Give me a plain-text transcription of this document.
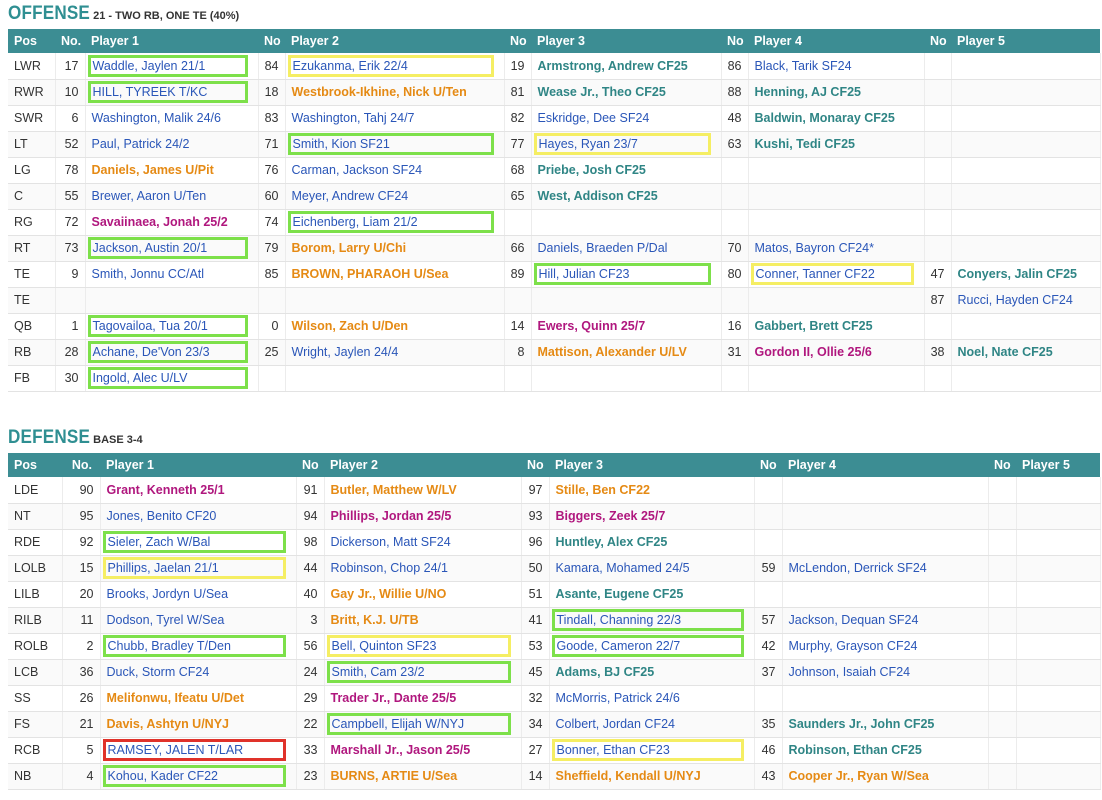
OFFENSE 21 - TWO RB, ONE TE (40%)
Pos	No.	Player 1	No	Player 2	No	Player 3	No	Player 4	No	Player 5
LWR	17	Waddle, Jaylen 21/1	84	Ezukanma, Erik 22/4	19	Armstrong, Andrew CF25	86	Black, Tarik SF24		
RWR	10	HILL, TYREEK T/KC	18	Westbrook-Ikhine, Nick U/Ten	81	Wease Jr., Theo CF25	88	Henning, AJ CF25		
SWR	6	Washington, Malik 24/6	83	Washington, Tahj 24/7	82	Eskridge, Dee SF24	48	Baldwin, Monaray CF25		
LT	52	Paul, Patrick 24/2	71	Smith, Kion SF21	77	Hayes, Ryan 23/7	63	Kushi, Tedi CF25		
LG	78	Daniels, James U/Pit	76	Carman, Jackson SF24	68	Priebe, Josh CF25				
C	55	Brewer, Aaron U/Ten	60	Meyer, Andrew CF24	65	West, Addison CF25				
RG	72	Savaiinaea, Jonah 25/2	74	Eichenberg, Liam 21/2						

RT	73	Jackson, Austin 20/1	79	Borom, Larry U/Chi	66	Daniels, Braeden P/Dal	70	Matos, Bayron CF24*		
TE	9	Smith, Jonnu CC/Atl	85	BROWN, PHARAOH U/Sea	89	Hill, Julian CF23	80	Conner, Tanner CF22	47	Conyers, Jalin CF25
TE									87	Rucci, Hayden CF24
QB	1	Tagovailoa, Tua 20/1	0	Wilson, Zach U/Den	14	Ewers, Quinn 25/7	16	Gabbert, Brett CF25		
RB	28	Achane, De'Von 23/3	25	Wright, Jaylen 24/4	8	Mattison, Alexander U/LV	31	Gordon II, Ollie 25/6	38	Noel, Nate CF25
FB	30	Ingold, Alec U/LV								

DEFENSE BASE 3-4
Pos	No.	Player 1	No	Player 2	No	Player 3	No	Player 4	No	Player 5
LDE	90	Grant, Kenneth 25/1	91	Butler, Matthew W/LV	97	Stille, Ben CF22				
NT	95	Jones, Benito CF20	94	Phillips, Jordan 25/5	93	Biggers, Zeek 25/7				
RDE	92	Sieler, Zach W/Bal	98	Dickerson, Matt SF24	96	Huntley, Alex CF25				
LOLB	15	Phillips, Jaelan 21/1	44	Robinson, Chop 24/1	50	Kamara, Mohamed 24/5	59	McLendon, Derrick SF24		
LILB	20	Brooks, Jordyn U/Sea	40	Gay Jr., Willie U/NO	51	Asante, Eugene CF25				
RILB	11	Dodson, Tyrel W/Sea	3	Britt, K.J. U/TB	41	Tindall, Channing 22/3	57	Jackson, Dequan SF24		
ROLB	2	Chubb, Bradley T/Den	56	Bell, Quinton SF23	53	Goode, Cameron 22/7	42	Murphy, Grayson CF24		
LCB	36	Duck, Storm CF24	24	Smith, Cam 23/2	45	Adams, BJ CF25	37	Johnson, Isaiah CF24		
SS	26	Melifonwu, Ifeatu U/Det	29	Trader Jr., Dante 25/5	32	McMorris, Patrick 24/6				
FS	21	Davis, Ashtyn U/NYJ	22	Campbell, Elijah W/NYJ	34	Colbert, Jordan CF24	35	Saunders Jr., John CF25		
RCB	5	RAMSEY, JALEN T/LAR	33	Marshall Jr., Jason 25/5	27	Bonner, Ethan CF23	46	Robinson, Ethan CF25		
NB	4	Kohou, Kader CF22	23	BURNS, ARTIE U/Sea	14	Sheffield, Kendall U/NYJ	43	Cooper Jr., Ryan W/Sea		
